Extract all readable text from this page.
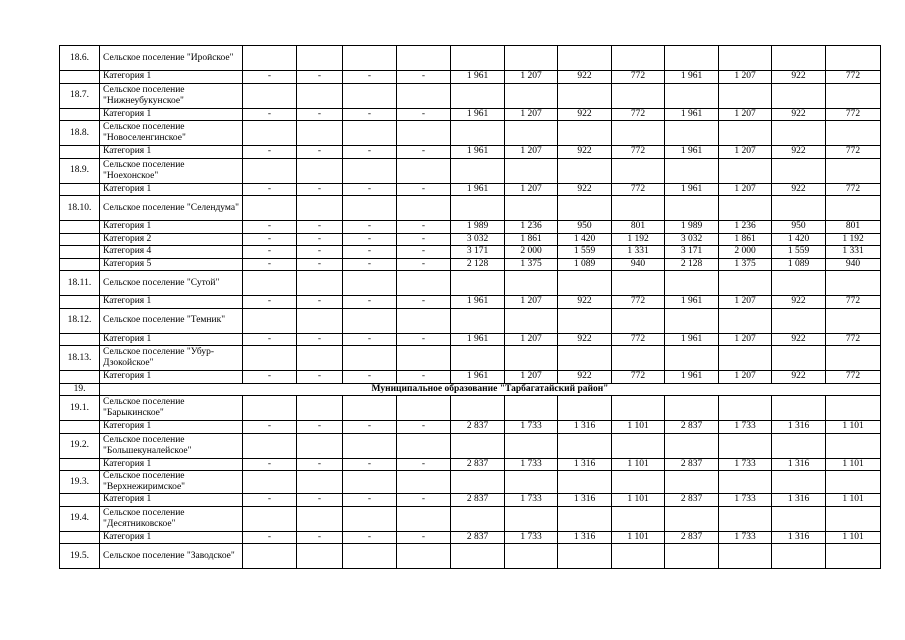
18.6.	Сельское поселение "Ироӣское"												
	Категория 1	-	-	-	-	1 961	1 207	922	772	1 961	1 207	922	772
18.7.	Сельское поселение "Нижнеубукунское"												
	Категория 1	-	-	-	-	1 961	1 207	922	772	1 961	1 207	922	772
18.8.	Сельское поселение "Новоселенгинское"												
	Категория 1	-	-	-	-	1 961	1 207	922	772	1 961	1 207	922	772
18.9.	Сельское поселение "Ноехонское"												
	Категория 1	-	-	-	-	1 961	1 207	922	772	1 961	1 207	922	772
18.10.	Сельское поселение "Селендума"												
	Категория 1	-	-	-	-	1 989	1 236	950	801	1 989	1 236	950	801
	Категория 2	-	-	-	-	3 032	1 861	1 420	1 192	3 032	1 861	1 420	1 192
	Категория 4	-	-	-	-	3 171	2 000	1 559	1 331	3 171	2 000	1 559	1 331
	Категория 5	-	-	-	-	2 128	1 375	1 089	940	2 128	1 375	1 089	940
18.11.	Сельское поселение "Сутой"												
	Категория 1	-	-	-	-	1 961	1 207	922	772	1 961	1 207	922	772
18.12.	Сельское поселение "Темник"												
	Категория 1	-	-	-	-	1 961	1 207	922	772	1 961	1 207	922	772
18.13.	Сельское поселение "Убур-Дзокойское"												
	Категория 1	-	-	-	-	1 961	1 207	922	772	1 961	1 207	922	772
19.	Муниципальное образование "Тарбагатайский район"												
19.1.	Сельское поселение "Барыкинское"												
	Категория 1	-	-	-	-	2 837	1 733	1 316	1 101	2 837	1 733	1 316	1 101
19.2.	Сельское поселение "Большекуналейское"												
	Категория 1	-	-	-	-	2 837	1 733	1 316	1 101	2 837	1 733	1 316	1 101
19.3.	Сельское поселение "Верхнежиримское"												
	Категория 1	-	-	-	-	2 837	1 733	1 316	1 101	2 837	1 733	1 316	1 101
19.4.	Сельское поселение "Десятниковское"												
	Категория 1	-	-	-	-	2 837	1 733	1 316	1 101	2 837	1 733	1 316	1 101
19.5.	Сельское поселение "Заводское"												
